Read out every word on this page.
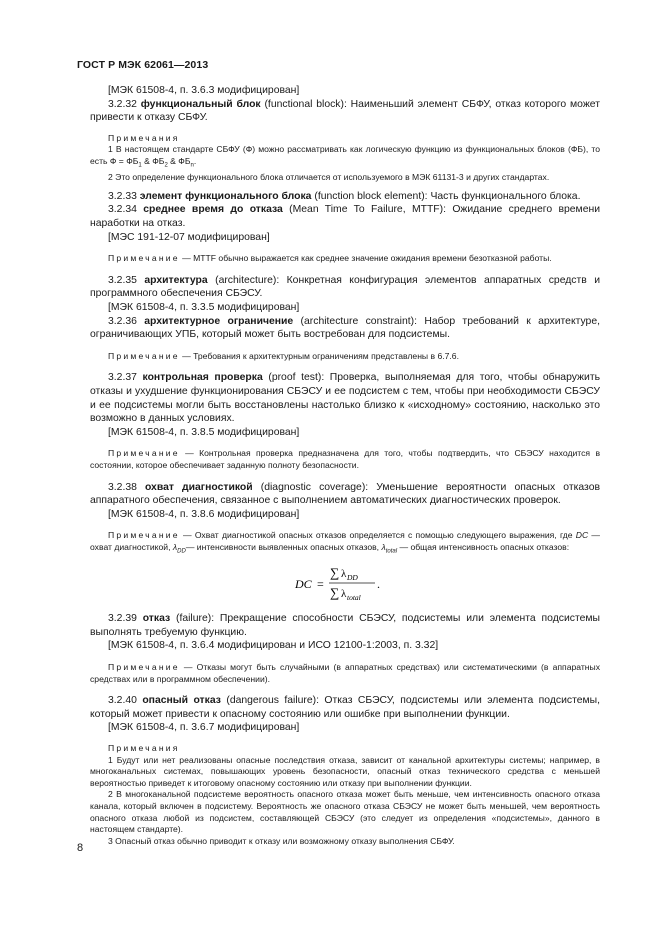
ГОСТ Р МЭК 62061—2013

[МЭК 61508-4, п. 3.6.3 модифицирован]

3.2.32 функциональный блок (functional block): Наименьший элемент СБФУ, отказ которого может привести к отказу СБФУ.

Примечания

1 В настоящем стандарте СБФУ (Ф) можно рассматривать как логическую функцию из функциональных блоков (ФБ), то есть $Ф = ФБ_1$ & $ФБ_2$ & $ФБ_n$.

2 Это определение функционального блока отличается от используемого в МЭК 61131-3 и других стандартах.

3.2.33 элемент функционального блока (function block element): Часть функционального блока.

3.2.34 среднее время до отказа (Mean Time To Failure, MTTF): Ожидание среднего времени наработки на отказ.

[МЭС 191-12-07 модифицирован]

Примечание — MTTF обычно выражается как среднее значение ожидания времени безотказной работы.

3.2.35 архитектура (architecture): Конкретная конфигурация элементов аппаратных средств и программного обеспечения СБЭСУ.

[МЭК 61508-4, п. 3.3.5 модифицирован]

3.2.36 архитектурное ограничение (architecture constraint): Набор требований к архитектуре, ограничивающих УПБ, который может быть востребован для подсистемы.

Примечание — Требования к архитектурным ограничениям представлены в 6.7.6.

3.2.37 контрольная проверка (proof test): Проверка, выполняемая для того, чтобы обнаружить отказы и ухудшение функционирования СБЭСУ и ее подсистем с тем, чтобы при необходимости СБЭСУ и ее подсистемы могли быть восстановлены настолько близко к «исходному» состоянию, насколько это возможно в данных условиях.

[МЭК 61508-4, п. 3.8.5 модифицирован]

Примечание — Контрольная проверка предназначена для того, чтобы подтвердить, что СБЭСУ находится в состоянии, которое обеспечивает заданную полноту безопасности.

3.2.38 охват диагностикой (diagnostic coverage): Уменьшение вероятности опасных отказов аппаратного обеспечения, связанное с выполнением автоматических диагностических проверок.

[МЭК 61508-4, п. 3.8.6 модифицирован]

Примечание — Охват диагностикой опасных отказов определяется с помощью следующего выражения, где DC — охват диагностикой, $\lambda_{DD}—$ интенсивности выявленных опасных отказов, $\lambda_{total}$ — общая интенсивность опасных отказов:

DC =
∑ λ DD
∑ λ total
.

3.2.39 отказ (failure): Прекращение способности СБЭСУ, подсистемы или элемента подсистемы выполнять требуемую функцию.

[МЭК 61508-4, п. 3.6.4 модифицирован и ИСО 12100-1:2003, п. 3.32]

Примечание — Отказы могут быть случайными (в аппаратных средствах) или систематическими (в аппаратных средствах или в программном обеспечении).

3.2.40 опасный отказ (dangerous failure): Отказ СБЭСУ, подсистемы или элемента подсистемы, который может привести к опасному состоянию или ошибке при выполнении функции.

[МЭК 61508-4, п. 3.6.7 модифицирован]

Примечания

1 Будут или нет реализованы опасные последствия отказа, зависит от канальной архитектуры системы; например, в многоканальных системах, повышающих уровень безопасности, опасный отказ технического средства с меньшей вероятностью приведет к итоговому опасному состоянию или отказу при выполнении функции.

2 В многоканальной подсистеме вероятность опасного отказа может быть меньше, чем интенсивность опасного отказа канала, который включен в подсистему. Вероятность же опасного отказа СБЭСУ не может быть меньшей, чем вероятность опасного отказа любой из подсистем, составляющей СБЭСУ (это следует из определения «подсистемы», данного в настоящем стандарте).

3 Опасный отказ обычно приводит к отказу или возможному отказу выполнения СБФУ.

8
